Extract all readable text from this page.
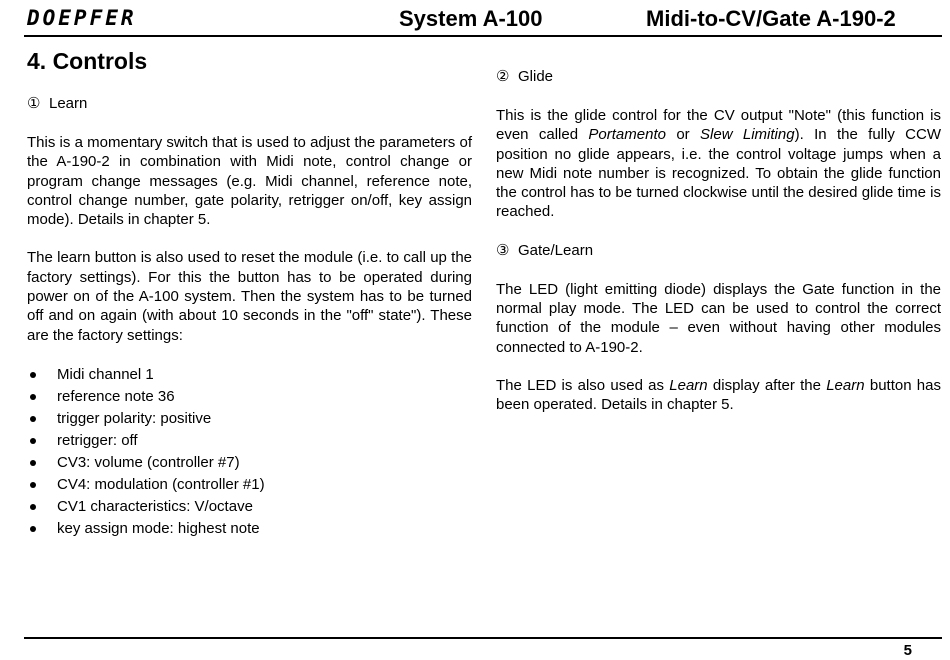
DOEPFER	System A-100	Midi-to-CV/Gate A-190-2
4. Controls
① Learn

This is a momentary switch that is used to adjust the parameters of the A-190-2 in combination with Midi note, control change or program change messages (e.g. Midi channel, reference note, control change number, gate polarity, retrigger on/off, key assign mode). Details in chapter 5.

The learn button is also used to reset the module (i.e. to call up the factory settings). For this the button has to be operated during power on of the A-100 system. Then the system has to be turned off and on again (with about 10 seconds in the "off" state"). These are the factory settings:

Midi channel 1
reference note 36
trigger polarity: positive
retrigger: off
CV3: volume (controller #7)
CV4: modulation (controller #1)
CV1 characteristics: V/octave
key assign mode: highest note
② Glide

This is the glide control for the CV output "Note" (this function is even called Portamento or Slew Limiting). In the fully CCW position no glide appears, i.e. the control voltage jumps when a new Midi note number is recognized. To obtain the glide function the control has to be turned clockwise until the desired glide time is reached.

③ Gate/Learn

The LED (light emitting diode) displays the Gate function in the normal play mode. The LED can be used to control the correct function of the module – even without having other modules connected to A-190-2.

The LED is also used as Learn display after the Learn button has been operated. Details in chapter 5.

5
